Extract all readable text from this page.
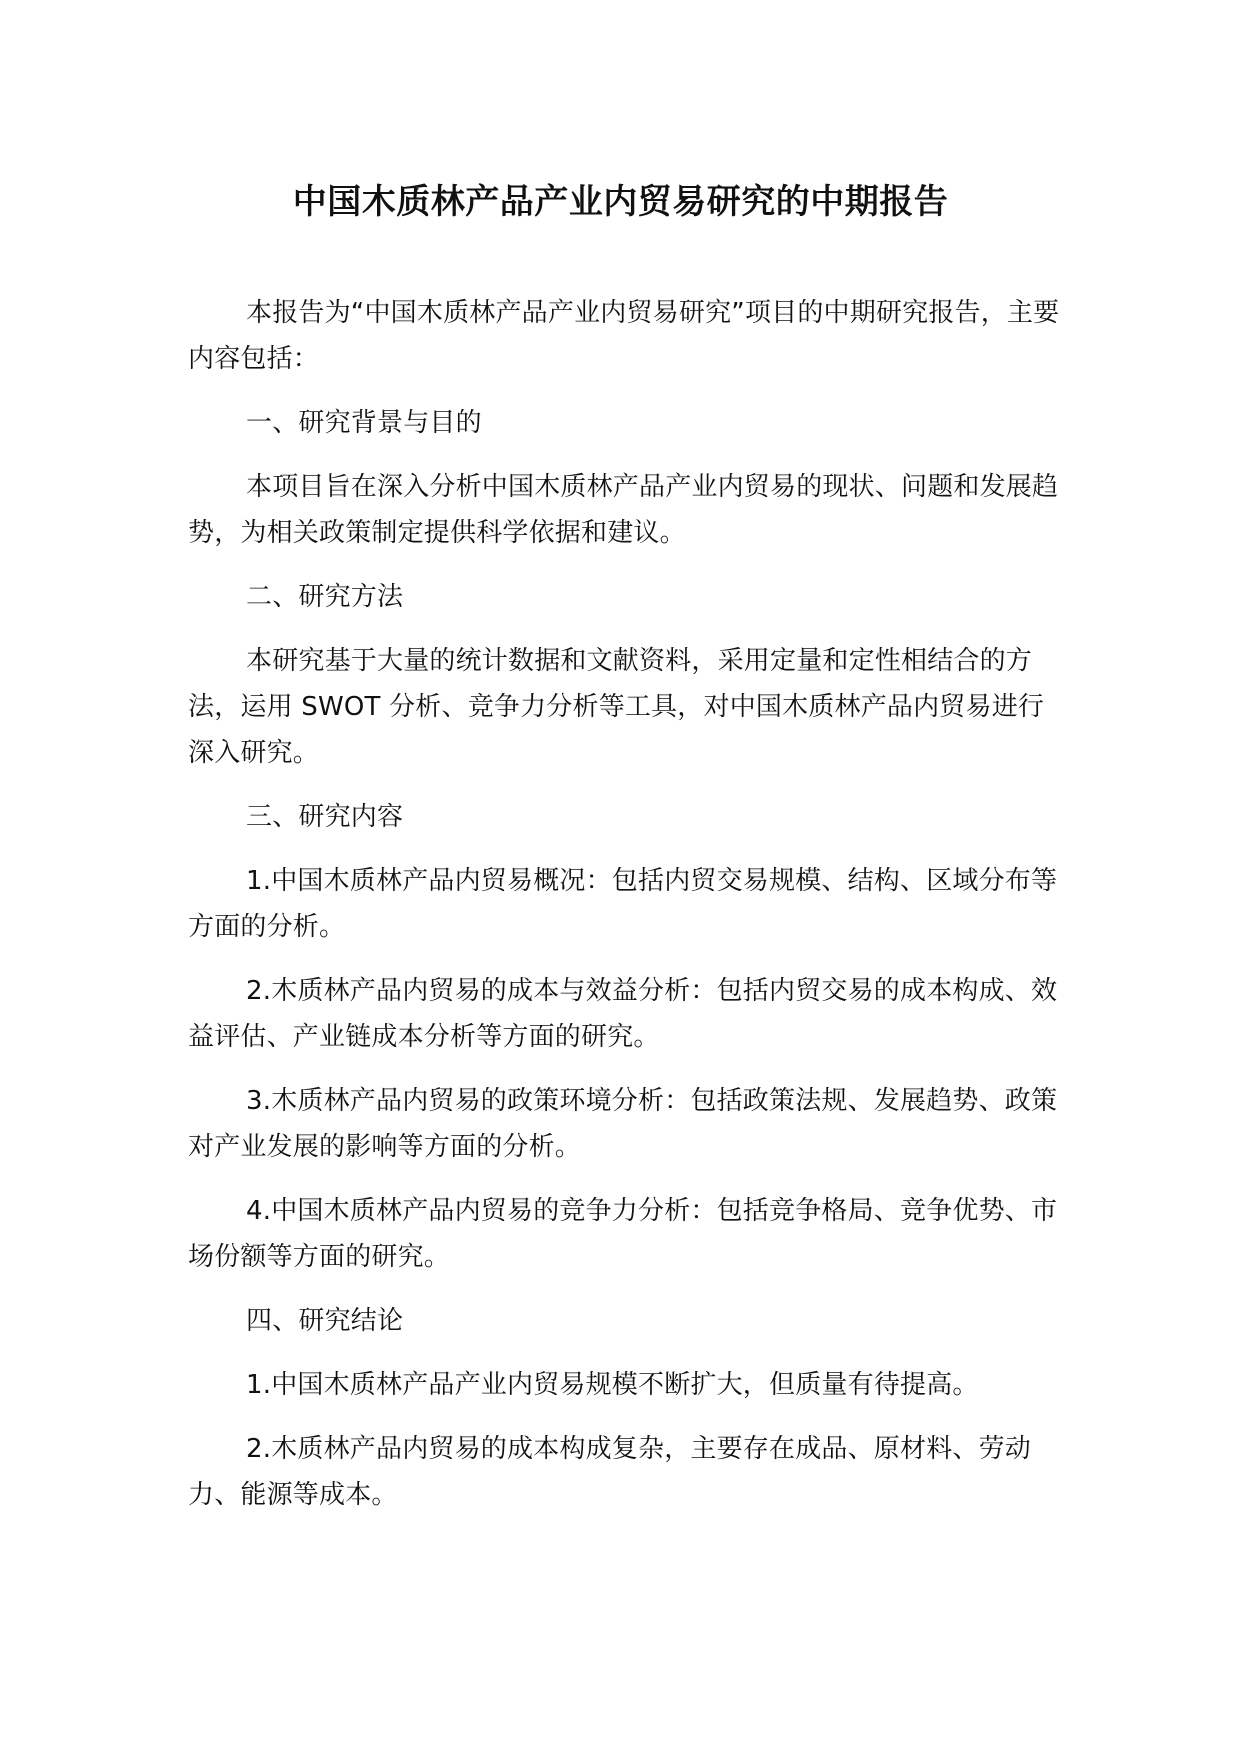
中国木质林产品产业内贸易研究的中期报告

本报告为“中国木质林产品产业内贸易研究”项目的中期研究报告，主要内容包括：

一、研究背景与目的

本项目旨在深入分析中国木质林产品产业内贸易的现状、问题和发展趋势，为相关政策制定提供科学依据和建议。

二、研究方法

本研究基于大量的统计数据和文献资料，采用定量和定性相结合的方法，运用 SWOT 分析、竞争力分析等工具，对中国木质林产品内贸易进行深入研究。

三、研究内容

1.中国木质林产品内贸易概况：包括内贸交易规模、结构、区域分布等方面的分析。

2.木质林产品内贸易的成本与效益分析：包括内贸交易的成本构成、效益评估、产业链成本分析等方面的研究。

3.木质林产品内贸易的政策环境分析：包括政策法规、发展趋势、政策对产业发展的影响等方面的分析。

4.中国木质林产品内贸易的竞争力分析：包括竞争格局、竞争优势、市场份额等方面的研究。

四、研究结论

1.中国木质林产品产业内贸易规模不断扩大，但质量有待提高。

2.木质林产品内贸易的成本构成复杂，主要存在成品、原材料、劳动力、能源等成本。
